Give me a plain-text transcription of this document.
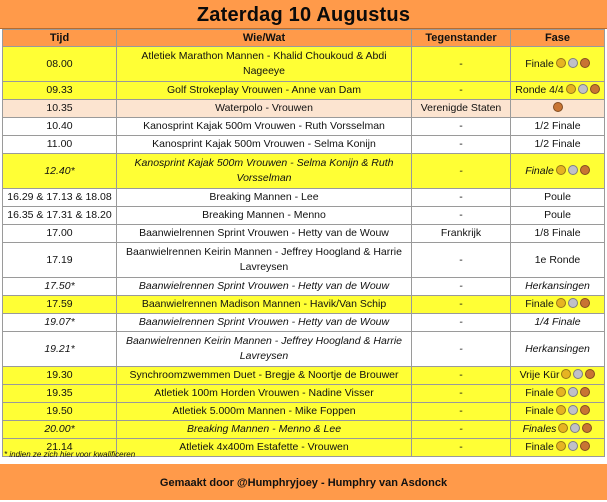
Zaterdag 10 Augustus
Tijd	Wie/Wat	Tegenstander	Fase
08.00	Atletiek Marathon Mannen - Khalid Choukoud & Abdi Nageeye	-	Finale
09.33	Golf Strokeplay Vrouwen - Anne van Dam	-	Ronde 4/4
10.35	Waterpolo - Vrouwen	Verenigde Staten	
10.40	Kanosprint Kajak 500m Vrouwen - Ruth Vorsselman	-	1/2 Finale
11.00	Kanosprint Kajak 500m Vrouwen - Selma Konijn	-	1/2 Finale
12.40*	Kanosprint Kajak 500m Vrouwen - Selma Konijn & Ruth Vorsselman	-	Finale
16.29 & 17.13 & 18.08	Breaking Mannen - Lee	-	Poule
16.35 & 17.31 & 18.20	Breaking Mannen - Menno	-	Poule
17.00	Baanwielrennen Sprint Vrouwen - Hetty van de Wouw	Frankrijk	1/8 Finale
17.19	Baanwielrennen Keirin Mannen - Jeffrey Hoogland & Harrie Lavreysen	-	1e Ronde
17.50*	Baanwielrennen Sprint Vrouwen - Hetty van de Wouw	-	Herkansingen
17.59	Baanwielrennen Madison Mannen - Havik/Van Schip	-	Finale
19.07*	Baanwielrennen Sprint Vrouwen - Hetty van de Wouw	-	1/4 Finale
19.21*	Baanwielrennen Keirin Mannen - Jeffrey Hoogland & Harrie Lavreysen	-	Herkansingen
19.30	Synchroomzwemmen Duet - Bregje & Noortje de Brouwer	-	Vrije Kür
19.35	Atletiek 100m Horden Vrouwen - Nadine Visser	-	Finale
19.50	Atletiek 5.000m Mannen - Mike Foppen	-	Finale
20.00*	Breaking Mannen - Menno & Lee	-	Finales
21.14	Atletiek 4x400m Estafette - Vrouwen	-	Finale
* indien ze zich hier voor kwalificeren
Gemaakt door @Humphryjoey - Humphry van Asdonck
